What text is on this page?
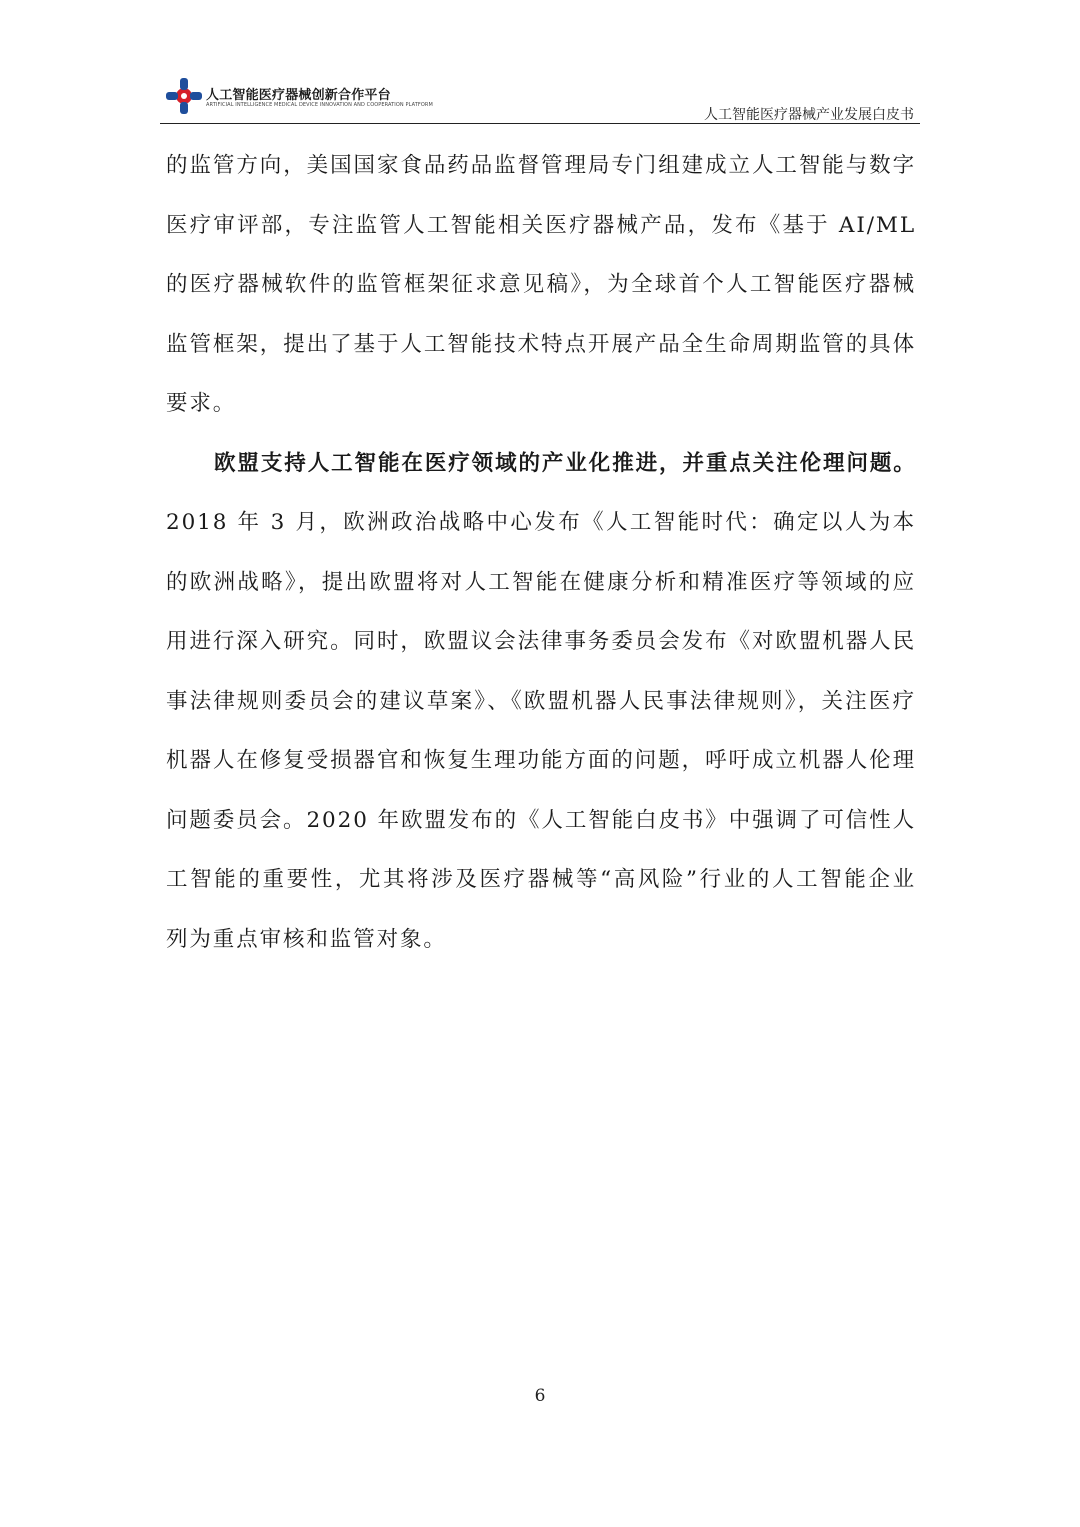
人工智能医疗器械创新合作平台
ARTIFICIAL INTELLIGENCE MEDICAL DEVICE INNOVATION AND COOPERATION PLATFORM
人工智能医疗器械产业发展白皮书

的监管方向，美国国家食品药品监督管理局专门组建成立人工智能与数字医疗审评部，专注监管人工智能相关医疗器械产品，发布《基于 AI/ML 的医疗器械软件的监管框架征求意见稿》，为全球首个人工智能医疗器械监管框架，提出了基于人工智能技术特点开展产品全生命周期监管的具体要求。

欧盟支持人工智能在医疗领域的产业化推进，并重点关注伦理问题。2018 年 3 月，欧洲政治战略中心发布《人工智能时代：确定以人为本的欧洲战略》，提出欧盟将对人工智能在健康分析和精准医疗等领域的应用进行深入研究。同时，欧盟议会法律事务委员会发布《对欧盟机器人民事法律规则委员会的建议草案》、《欧盟机器人民事法律规则》，关注医疗机器人在修复受损器官和恢复生理功能方面的问题，呼吁成立机器人伦理问题委员会。2020 年欧盟发布的《人工智能白皮书》中强调了可信性人工智能的重要性，尤其将涉及医疗器械等“高风险”行业的人工智能企业列为重点审核和监管对象。

6
